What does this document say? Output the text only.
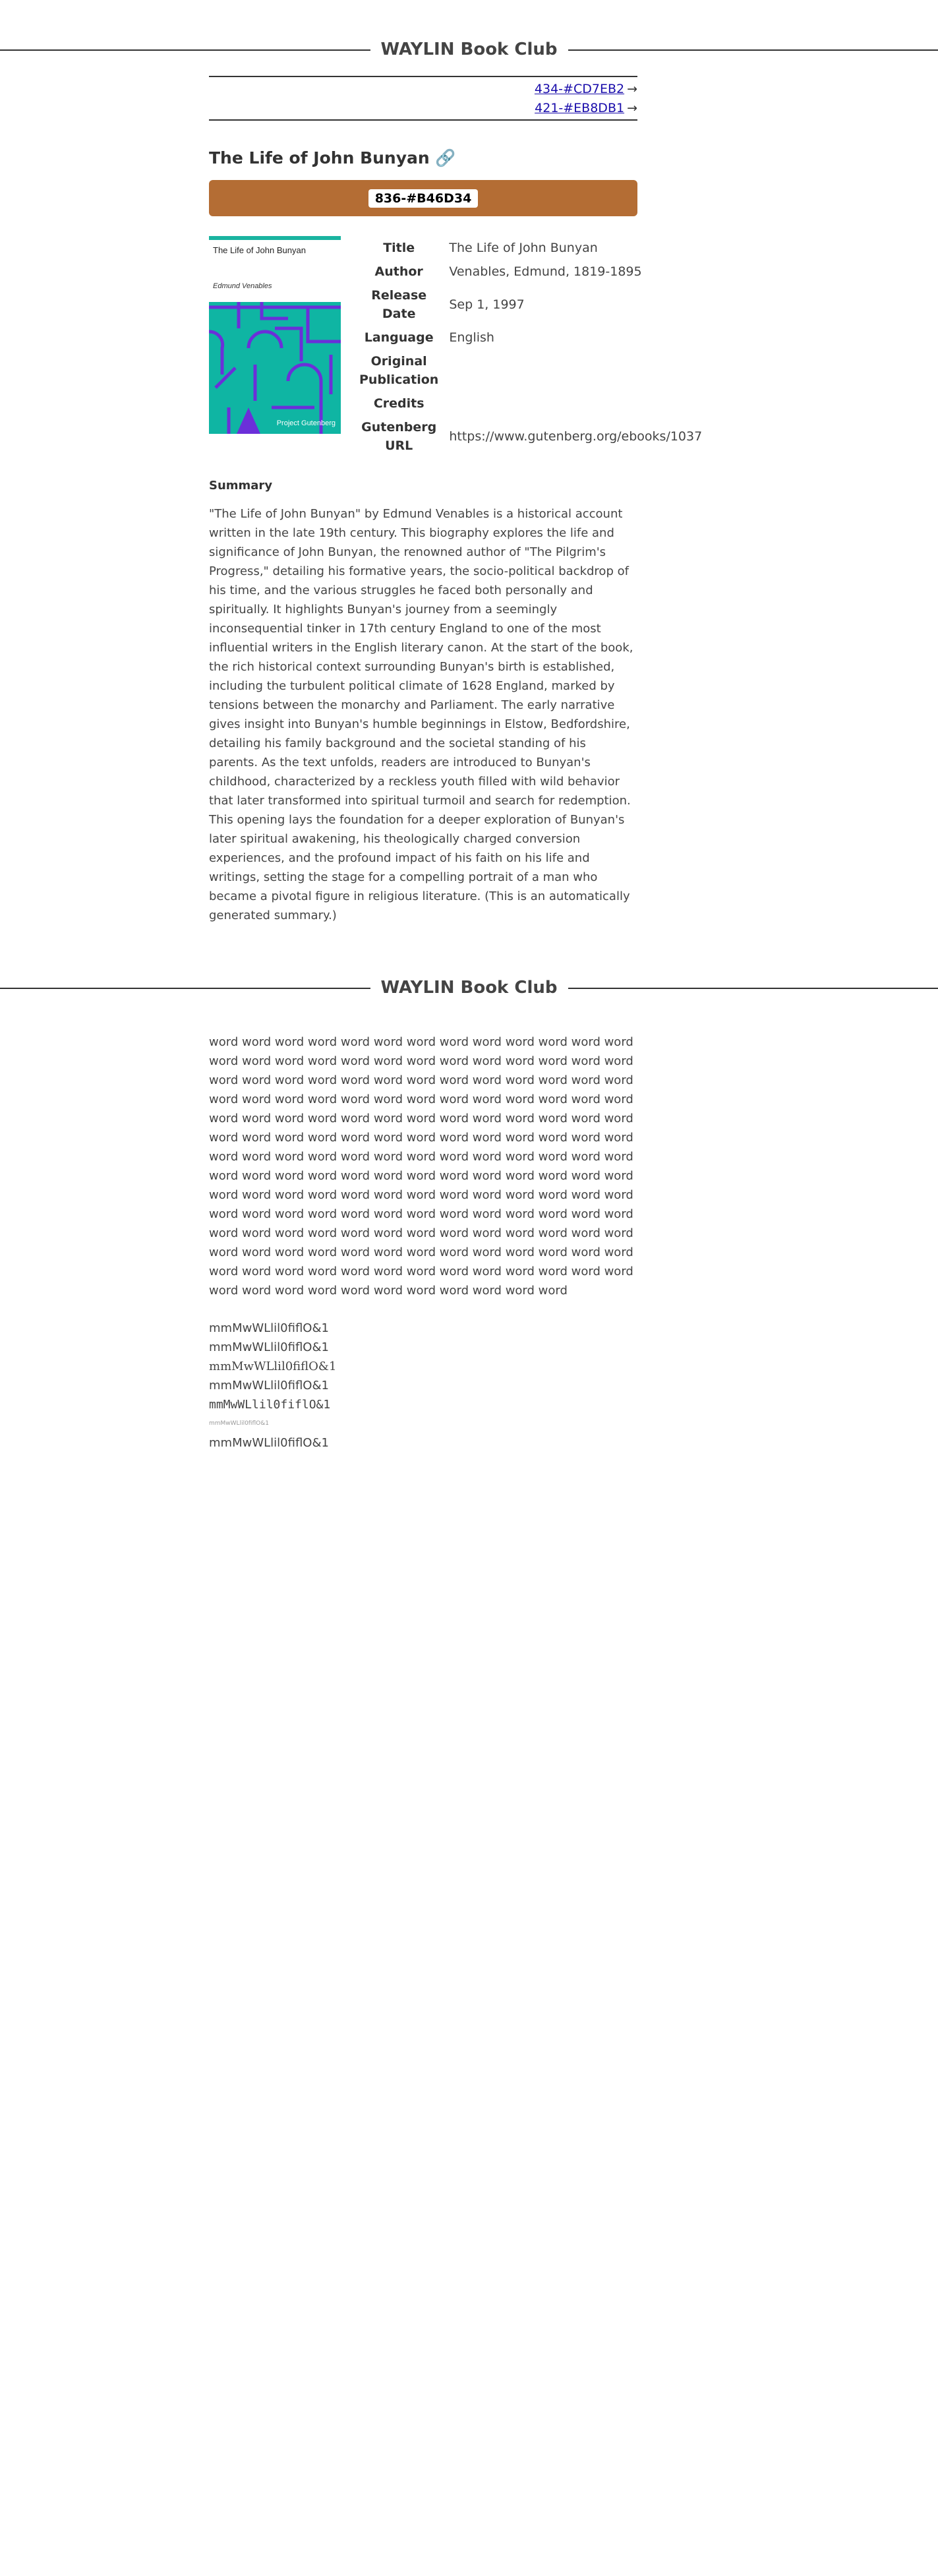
WAYLIN Book Club
434-#CD7EB2 →
421-#EB8DB1 →
The Life of John Bunyan 🔗
836-#B46D34
The Life of John Bunyan
Edmund Venables
Project Gutenberg
Title	The Life of John Bunyan
Author	Venables, Edmund, 1819-1895
Release Date	Sep 1, 1997
Language	English
Original Publication	
Credits	
Gutenberg URL	https://www.gutenberg.org/ebooks/1037
Summary
"The Life of John Bunyan" by Edmund Venables is a historical account written in the late 19th century. This biography explores the life and significance of John Bunyan, the renowned author of "The Pilgrim's Progress," detailing his formative years, the socio-political backdrop of his time, and the various struggles he faced both personally and spiritually. It highlights Bunyan's journey from a seemingly inconsequential tinker in 17th century England to one of the most influential writers in the English literary canon. At the start of the book, the rich historical context surrounding Bunyan's birth is established, including the turbulent political climate of 1628 England, marked by tensions between the monarchy and Parliament. The early narrative gives insight into Bunyan's humble beginnings in Elstow, Bedfordshire, detailing his family background and the societal standing of his parents. As the text unfolds, readers are introduced to Bunyan's childhood, characterized by a reckless youth filled with wild behavior that later transformed into spiritual turmoil and search for redemption. This opening lays the foundation for a deeper exploration of Bunyan's later spiritual awakening, his theologically charged conversion experiences, and the profound impact of his faith on his life and writings, setting the stage for a compelling portrait of a man who became a pivotal figure in religious literature. (This is an automatically generated summary.)
WAYLIN Book Club
word word word word word word word word word word word word word word word word word word word word word word word word word word word word word word word word word word word word word word word word word word word word word word word word word word word word word word word word word word word word word word word word word word word word word word word word word word word word word word word word word word word word word word word word word word word word word word word word word word word word word word word word word word word word word word word word word word word word word word word word word word word word word word word word word word word word word word word word word word word word word word word word word word word word word word word word word word word word word word word word word word word word word word word word word word word word word word word word word word word word
mmMwWLlil0fiflO&1
mmMwWLlil0fiflO&1
mmMwWLlil0fiflO&1
mmMwWLlil0fiflO&1
mmMwWLlil0fiflO&1
mmMwWLlil0fiflO&1
mmMwWLlil0fiflO&1
